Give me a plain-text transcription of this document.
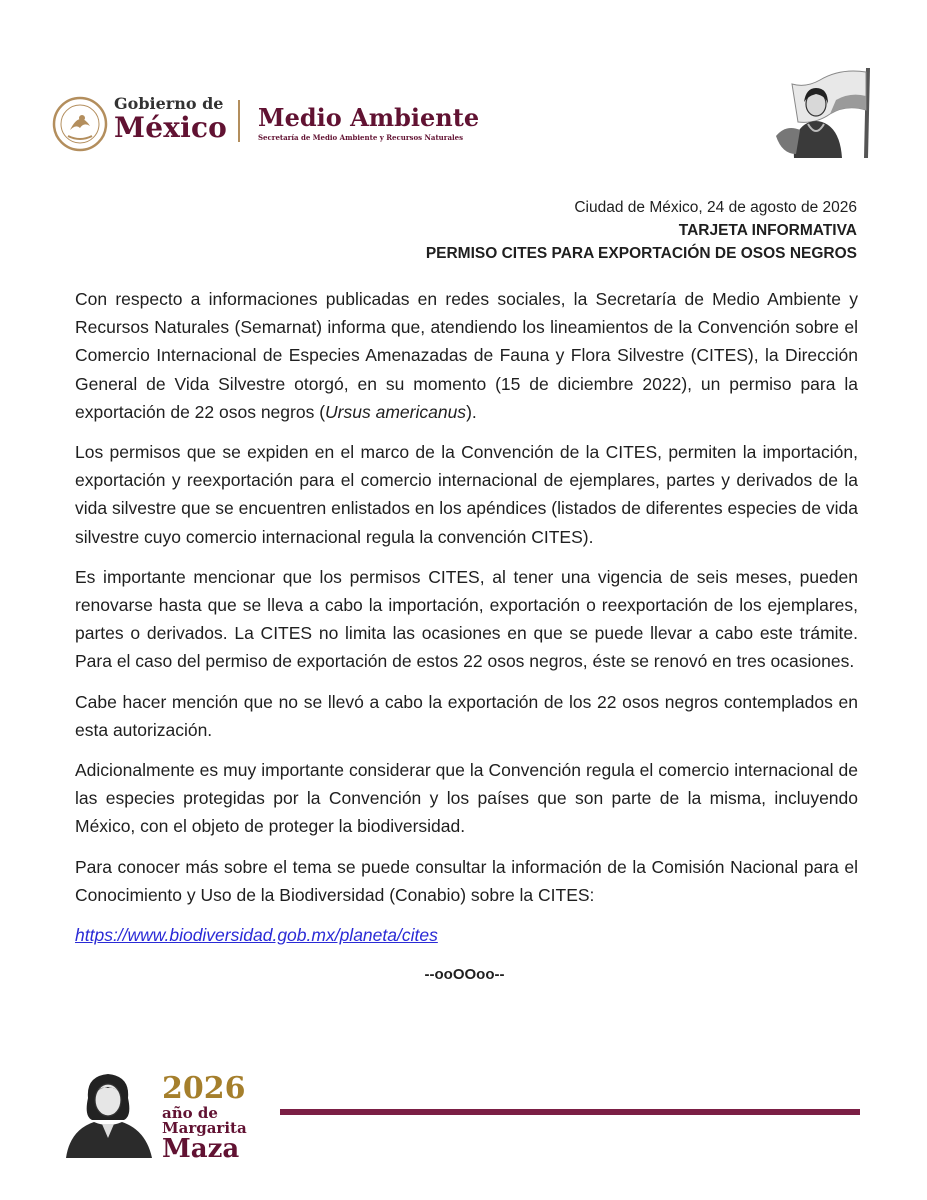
Gobierno de
México Medio Ambiente
Secretaría de Medio Ambiente y Recursos Naturales
Ciudad de México, 24 de agosto de 2026
TARJETA INFORMATIVA
PERMISO CITES PARA EXPORTACIÓN DE OSOS NEGROS

Con respecto a informaciones publicadas en redes sociales, la Secretaría de Medio Ambiente y Recursos Naturales (Semarnat) informa que, atendiendo los lineamientos de la Convención sobre el Comercio Internacional de Especies Amenazadas de Fauna y Flora Silvestre (CITES), la Dirección General de Vida Silvestre otorgó, en su momento (15 de diciembre 2022), un permiso para la exportación de 22 osos negros (Ursus americanus).

Los permisos que se expiden en el marco de la Convención de la CITES, permiten la importación, exportación y reexportación para el comercio internacional de ejemplares, partes y derivados de la vida silvestre que se encuentren enlistados en los apéndices (listados de diferentes especies de vida silvestre cuyo comercio internacional regula la convención CITES).

Es importante mencionar que los permisos CITES, al tener una vigencia de seis meses, pueden renovarse hasta que se lleva a cabo la importación, exportación o reexportación de los ejemplares, partes o derivados. La CITES no limita las ocasiones en que se puede llevar a cabo este trámite. Para el caso del permiso de exportación de estos 22 osos negros, éste se renovó en tres ocasiones.

Cabe hacer mención que no se llevó a cabo la exportación de los 22 osos negros contemplados en esta autorización.

Adicionalmente es muy importante considerar que la Convención regula el comercio internacional de las especies protegidas por la Convención y los países que son parte de la misma, incluyendo México, con el objeto de proteger la biodiversidad.

Para conocer más sobre el tema se puede consultar la información de la Comisión Nacional para el Conocimiento y Uso de la Biodiversidad (Conabio) sobre la CITES:

https://www.biodiversidad.gob.mx/planeta/cites

--ooOOoo--
2026
año de
Margarita
Maza
